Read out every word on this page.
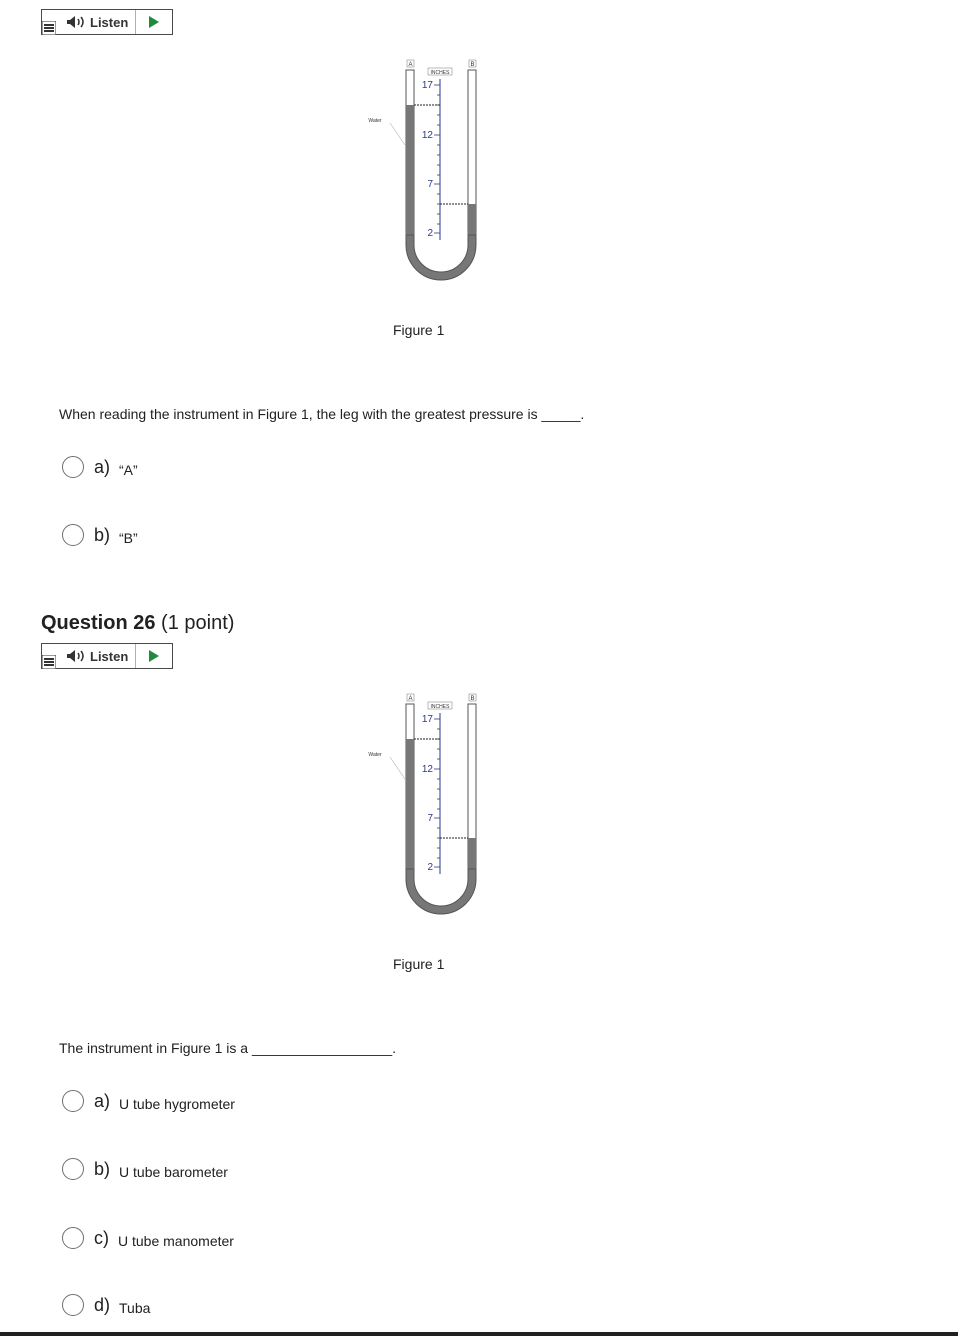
Listen
A	B
INCHES
17
12
7
2
Water
Figure 1
When reading the instrument in Figure 1, the leg with the greatest pressure is _____.
a) “A”
b) “B”
Question 26 (1 point)
Listen
A	B
INCHES
17
12
7
2
Water
Figure 1
The instrument in Figure 1 is a __________________.
a) U tube hygrometer
b) U tube barometer
c) U tube manometer
d) Tuba
